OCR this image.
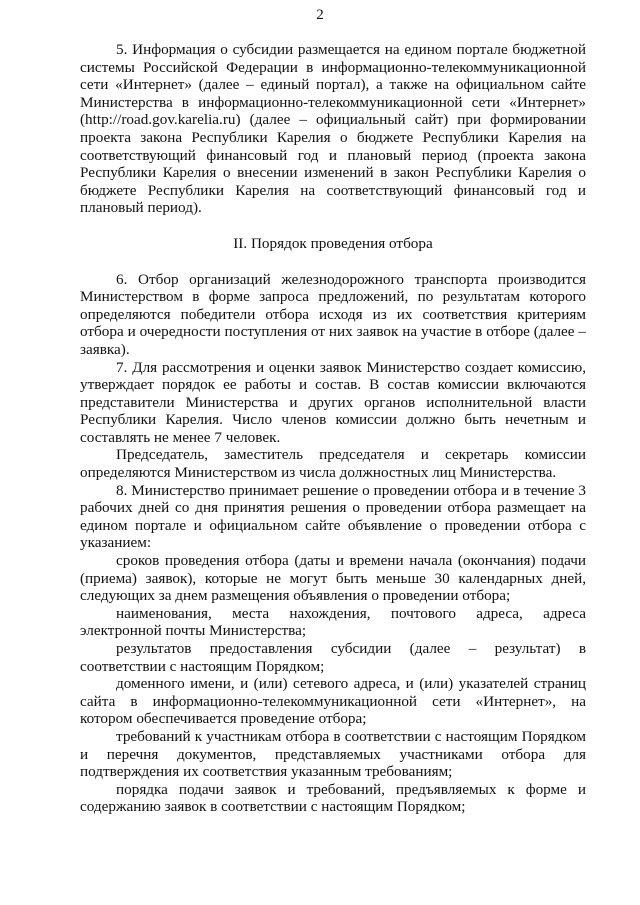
2

5. Информация о субсидии размещается на едином портале бюджетной системы Российской Федерации в информационно-телекоммуникационной сети «Интернет» (далее – единый портал), а также на официальном сайте Министерства в информационно-телекоммуникационной сети «Интернет» (http://road.gov.karelia.ru) (далее – официальный сайт) при формировании проекта закона Республики Карелия о бюджете Республики Карелия на соответствующий финансовый год и плановый период (проекта закона Республики Карелия о внесении изменений в закон Республики Карелия о бюджете Республики Карелия на соответствующий финансовый год и плановый период).

II. Порядок проведения отбора

6. Отбор организаций железнодорожного транспорта производится Министерством в форме запроса предложений, по результатам которого определяются победители отбора исходя из их соответствия критериям отбора и очередности поступления от них заявок на участие в отборе (далее – заявка).

7. Для рассмотрения и оценки заявок Министерство создает комиссию, утверждает порядок ее работы и состав. В состав комиссии включаются представители Министерства и других органов исполнительной власти Республики Карелия. Число членов комиссии должно быть нечетным и составлять не менее 7 человек.

Председатель, заместитель председателя и секретарь комиссии определяются Министерством из числа должностных лиц Министерства.

8. Министерство принимает решение о проведении отбора и в течение 3 рабочих дней со дня принятия решения о проведении отбора размещает на едином портале и официальном сайте объявление о проведении отбора с указанием:

сроков проведения отбора (даты и времени начала (окончания) подачи (приема) заявок), которые не могут быть меньше 30 календарных дней, следующих за днем размещения объявления о проведении отбора;

наименования, места нахождения, почтового адреса, адреса электронной почты Министерства;

результатов предоставления субсидии (далее – результат) в соответствии с настоящим Порядком;

доменного имени, и (или) сетевого адреса, и (или) указателей страниц сайта в информационно-телекоммуникационной сети «Интернет», на котором обеспечивается проведение отбора;

требований к участникам отбора в соответствии с настоящим Порядком и перечня документов, представляемых участниками отбора для подтверждения их соответствия указанным требованиям;

порядка подачи заявок и требований, предъявляемых к форме и содержанию заявок в соответствии с настоящим Порядком;
